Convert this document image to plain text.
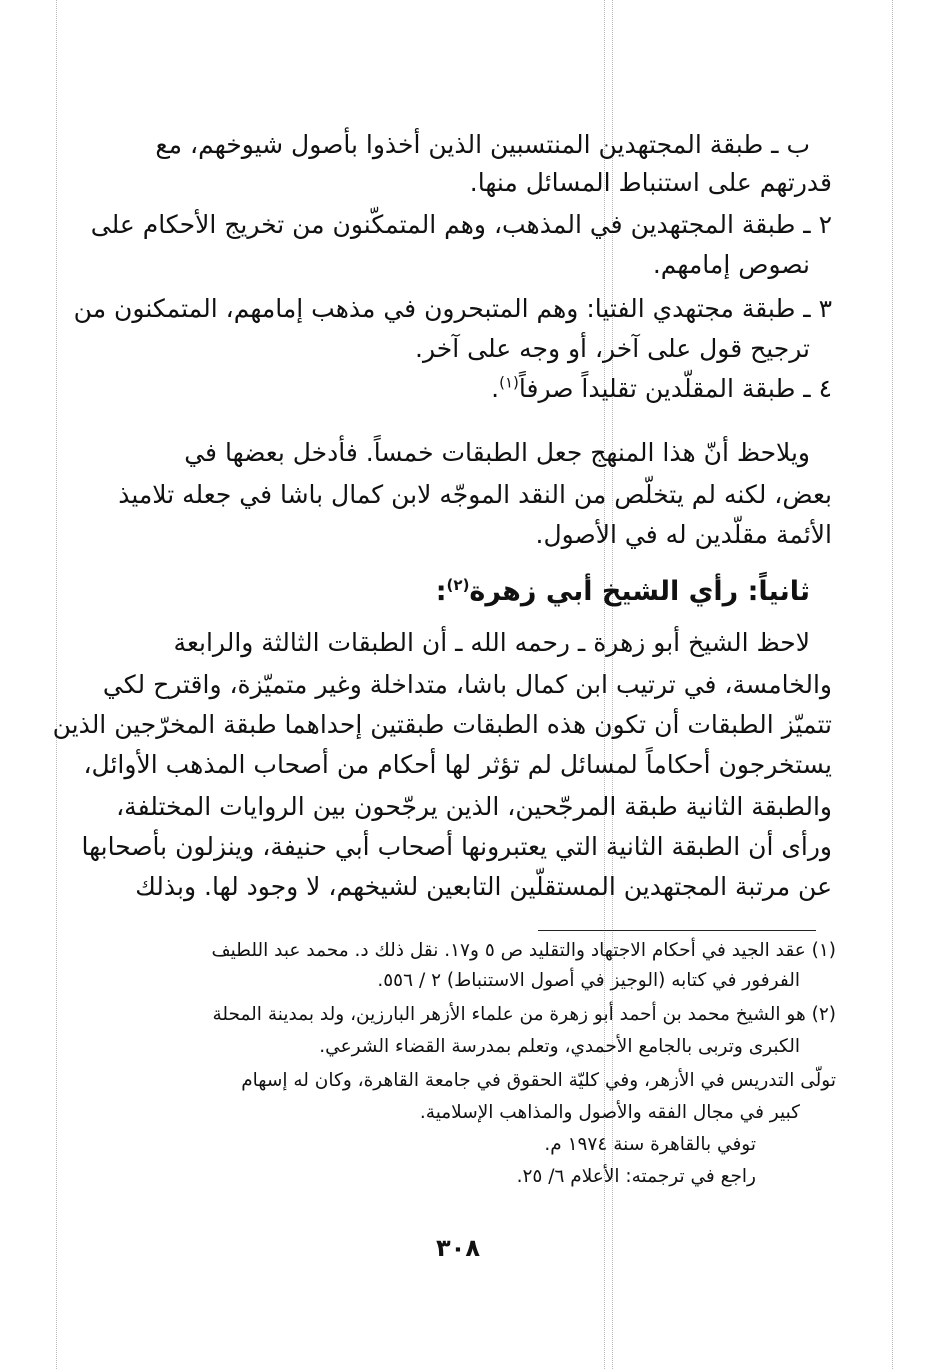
ب ـ طبقة المجتهدين المنتسبين الذين أخذوا بأصول شيوخهم، مع
قدرتهم على استنباط المسائل منها.
٢ ـ طبقة المجتهدين في المذهب، وهم المتمكّنون من تخريج الأحكام على
نصوص إمامهم.
٣ ـ طبقة مجتهدي الفتيا: وهم المتبحرون في مذهب إمامهم، المتمكنون من
ترجيح قول على آخر، أو وجه على آخر.
٤ ـ طبقة المقلّدين تقليداً صرفاً$^{(١)}$.
ويلاحظ أنّ هذا المنهج جعل الطبقات خمساً. فأدخل بعضها في
بعض، لكنه لم يتخلّص من النقد الموجّه لابن كمال باشا في جعله تلاميذ
الأئمة مقلّدين له في الأصول.
ثانياً: رأي الشيخ أبي زهرة$^{(٢)}$:
لاحظ الشيخ أبو زهرة ـ رحمه الله ـ أن الطبقات الثالثة والرابعة
والخامسة، في ترتيب ابن كمال باشا، متداخلة وغير متميّزة، واقترح لكي
تتميّز الطبقات أن تكون هذه الطبقات طبقتين إحداهما طبقة المخرّجين الذين
يستخرجون أحكاماً لمسائل لم تؤثر لها أحكام من أصحاب المذهب الأوائل،
والطبقة الثانية طبقة المرجّحين، الذين يرجّحون بين الروايات المختلفة،
ورأى أن الطبقة الثانية التي يعتبرونها أصحاب أبي حنيفة، وينزلون بأصحابها
عن مرتبة المجتهدين المستقلّين التابعين لشيخهم، لا وجود لها. وبذلك
(١) عقد الجيد في أحكام الاجتهاد والتقليد ص ٥ و١٧. نقل ذلك د. محمد عبد اللطيف
الفرفور في كتابه (الوجيز في أصول الاستنباط) ٢ / ٥٥٦.
(٢) هو الشيخ محمد بن أحمد أبو زهرة من علماء الأزهر البارزين، ولد بمدينة المحلة
الكبرى وتربى بالجامع الأحمدي، وتعلم بمدرسة القضاء الشرعي.
تولّى التدريس في الأزهر، وفي كليّة الحقوق في جامعة القاهرة، وكان له إسهام
كبير في مجال الفقه والأصول والمذاهب الإسلامية.
توفي بالقاهرة سنة ١٩٧٤ م.
راجع في ترجمته: الأعلام ٦/ ٢٥.
٣٠٨
